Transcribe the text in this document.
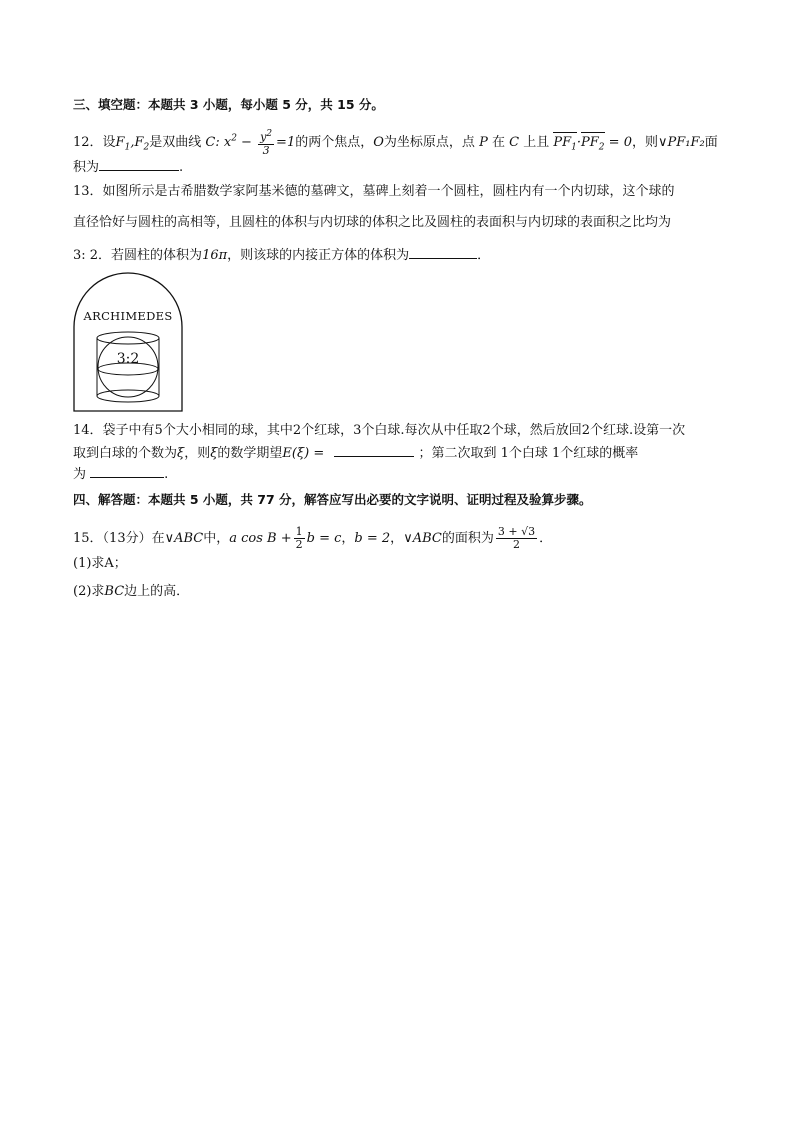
三、填空题：本题共 3 小题，每小题 5 分，共 15 分。
12．设$F_1,F_2$是双曲线 C: $x^2 - \frac{y^2}{3} =1$的两个焦点，O为坐标原点，点 P 在 C 上且 $PF_1\cdot PF_2 = 0$，则∨PF₁F₂面
积为	.
13．如图所示是古希腊数学家阿基米德的墓碑文，墓碑上刻着一个圆柱，圆柱内有一个内切球，这个球的
直径恰好与圆柱的高相等，且圆柱的体积与内切球的体积之比及圆柱的表面积与内切球的表面积之比均为
3: 2．若圆柱的体积为16π，则该球的内接正方体的体积为	．
ARCHIMEDES
3:2
14．袋子中有5个大小相同的球，其中2个红球，3个白球.每次从中任取2个球，然后放回2个红球.设第一次
取到白球的个数为ξ，则ξ的数学期望E(ξ) =	；第二次取到 1个白球 1个红球的概率
为	.
四、解答题：本题共 5 小题，共 77 分，解答应写出必要的文字说明、证明过程及验算步骤。
15．（13分）在∨ABC中，a $\cos B + \frac{1}{2}$ b = c，b = 2，∨ABC的面积为 $\frac{3 + √3}{2}$ ．
(1)求A；
(2)求BC边上的高．
